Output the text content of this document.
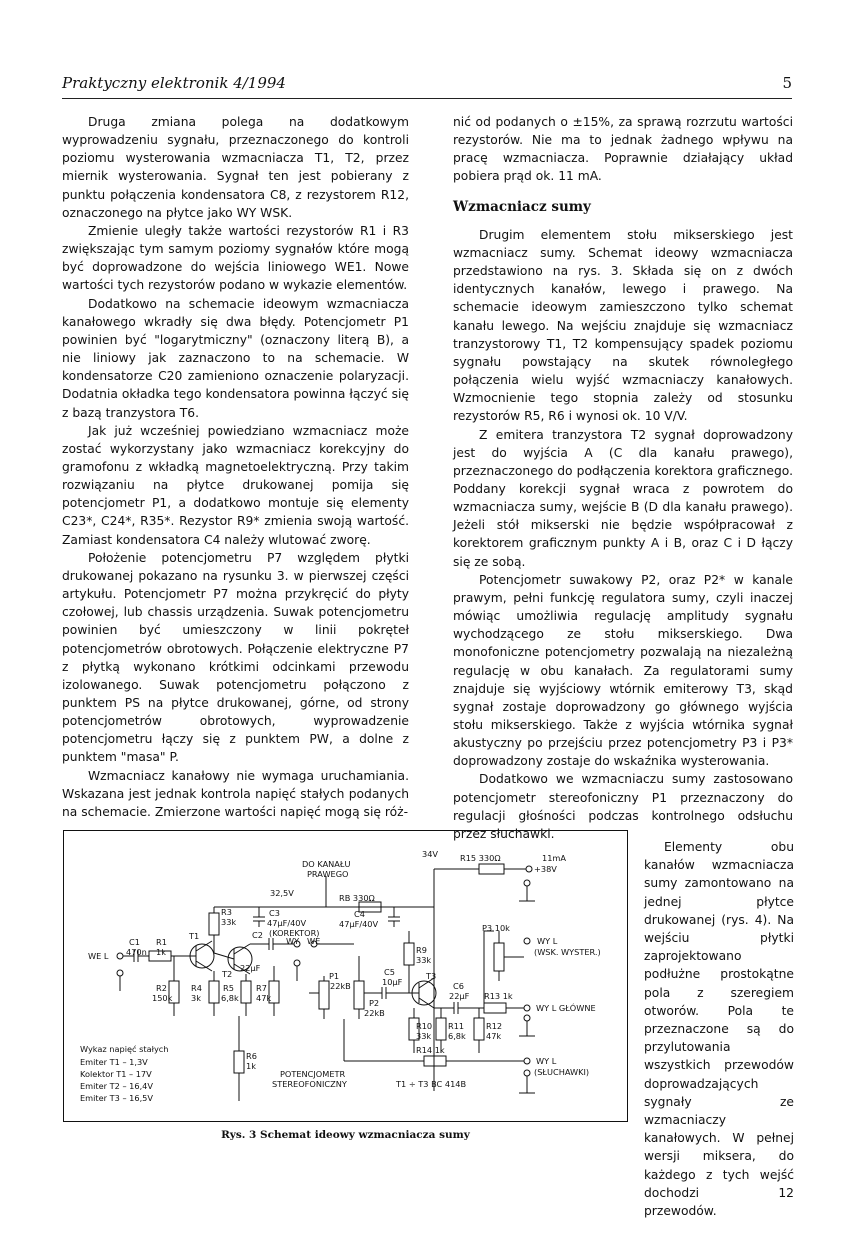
Praktyczny elektronik 4/1994	5

Druga zmiana polega na dodatkowym wyprowadzeniu sygnału, przeznaczonego do kontroli poziomu wysterowania wzmacniacza T1, T2, przez miernik wysterowania. Sygnał ten jest pobierany z punktu połączenia kondensatora C8, z rezystorem R12, oznaczonego na płytce jako WY WSK.

Zmienie uległy także wartości rezystorów R1 i R3 zwiększając tym samym poziomy sygnałów które mogą być doprowadzone do wejścia liniowego WE1. Nowe wartości tych rezystorów podano w wykazie elementów.

Dodatkowo na schemacie ideowym wzmacniacza kanałowego wkradły się dwa błędy. Potencjometr P1 powinien być "logarytmiczny" (oznaczony literą B), a nie liniowy jak zaznaczono to na schemacie. W kondensatorze C20 zamieniono oznaczenie polaryzacji. Dodatnia okładka tego kondensatora powinna łączyć się z bazą tranzystora T6.

Jak już wcześniej powiedziano wzmacniacz może zostać wykorzystany jako wzmacniacz korekcyjny do gramofonu z wkładką magnetoelektryczną. Przy takim rozwiązaniu na płytce drukowanej pomija się potencjometr P1, a dodatkowo montuje się elementy C23*, C24*, R35*. Rezystor R9* zmienia swoją wartość. Zamiast kondensatora C4 należy wlutować zworę.

Położenie potencjometru P7 względem płytki drukowanej pokazano na rysunku 3. w pierwszej części artykułu. Potencjometr P7 można przykręcić do płyty czołowej, lub chassis urządzenia. Suwak potencjometru powinien być umieszczony w linii pokręteł potencjometrów obrotowych. Połączenie elektryczne P7 z płytką wykonano krótkimi odcinkami przewodu izolowanego. Suwak potencjometru połączono z punktem PS na płytce drukowanej, górne, od strony potencjometrów obrotowych, wyprowadzenie potencjometru łączy się z punktem PW, a dolne z punktem "masa" P.

Wzmacniacz kanałowy nie wymaga uruchamiania. Wskazana jest jednak kontrola napięć stałych podanych na schemacie. Zmierzone wartości napięć mogą się róż-

nić od podanych o ±15%, za sprawą rozrzutu wartości rezystorów. Nie ma to jednak żadnego wpływu na pracę wzmacniacza. Poprawnie działający układ pobiera prąd ok. 11 mA.

Wzmacniacz sumy

Drugim elementem stołu mikserskiego jest wzmacniacz sumy. Schemat ideowy wzmacniacza przedstawiono na rys. 3. Składa się on z dwóch identycznych kanałów, lewego i prawego. Na schemacie ideowym zamieszczono tylko schemat kanału lewego. Na wejściu znajduje się wzmacniacz tranzystorowy T1, T2 kompensujący spadek poziomu sygnału powstający na skutek równoległego połączenia wielu wyjść wzmacniaczy kanałowych. Wzmocnienie tego stopnia zależy od stosunku rezystorów R5, R6 i wynosi ok. 10 V/V.

Z emitera tranzystora T2 sygnał doprowadzony jest do wyjścia A (C dla kanału prawego), przeznaczonego do podłączenia korektora graficznego. Poddany korekcji sygnał wraca z powrotem do wzmacniacza sumy, wejście B (D dla kanału prawego). Jeżeli stół mikserski nie będzie współpracował z korektorem graficznym punkty A i B, oraz C i D łączy się ze sobą.

Potencjometr suwakowy P2, oraz P2* w kanale prawym, pełni funkcję regulatora sumy, czyli inaczej mówiąc umożliwia regulację amplitudy sygnału wychodzącego ze stołu mikserskiego. Dwa monofoniczne potencjometry pozwalają na niezależną regulację w obu kanałach. Za regulatorami sumy znajduje się wyjściowy wtórnik emiterowy T3, skąd sygnał zostaje doprowadzony go głównego wyjścia stołu mikserskiego. Także z wyjścia wtórnika sygnał akustyczny po przejściu przez potencjometry P3 i P3* doprowadzony zostaje do wskaźnika wysterowania.

Dodatkowo we wzmacniaczu sumy zastosowano potencjometr stereofoniczny P1 przeznaczony do regulacji głośności podczas kontrolnego odsłuchu przez słuchawki.

DO KANAŁU
PRAWEGO
34V	R15 330Ω	11mA
+38V
32,5V	RB 330Ω
R3
33k
C3
47μF/40V
C4
47μF/40V
(KOREKTOR)
WY WE
C2
T1
T2
22μF
C1
470n
R1
1k
WE L
R2
150k
R4
3k
R5
6,8k
R7
47k
P1
22kB
C5
10μF
R9
33k
T3
P2
22kB
C6
22μF
P3 10k
WY L
(WSK. WYSTER.)
R13 1k
WY L GŁÓWNE
R10
33k
R11
6,8k
R12
47k
R14 1k
WY L
(SŁUCHAWKI)
R6
1k
POTENCJOMETR
STEREOFONICZNY	T1 ÷ T3 BC 414B
Wykaz napięć stałych
Emiter T1 – 1,3V
Kolektor T1 – 17V
Emiter T2 – 16,4V
Emiter T3 – 16,5V
Rys. 3 Schemat ideowy wzmacniacza sumy

Elementy obu kanałów wzmacniacza sumy zamontowano na jednej płytce drukowanej (rys. 4). Na wejściu płytki zaprojektowano podłużne prostokątne pola z szeregiem otworów. Pola te przeznaczone są do przylutowania wszystkich przewodów doprowadzających sygnały ze wzmacniaczy kanałowych. W pełnej wersji miksera, do każdego z tych wejść dochodzi 12 przewodów.
